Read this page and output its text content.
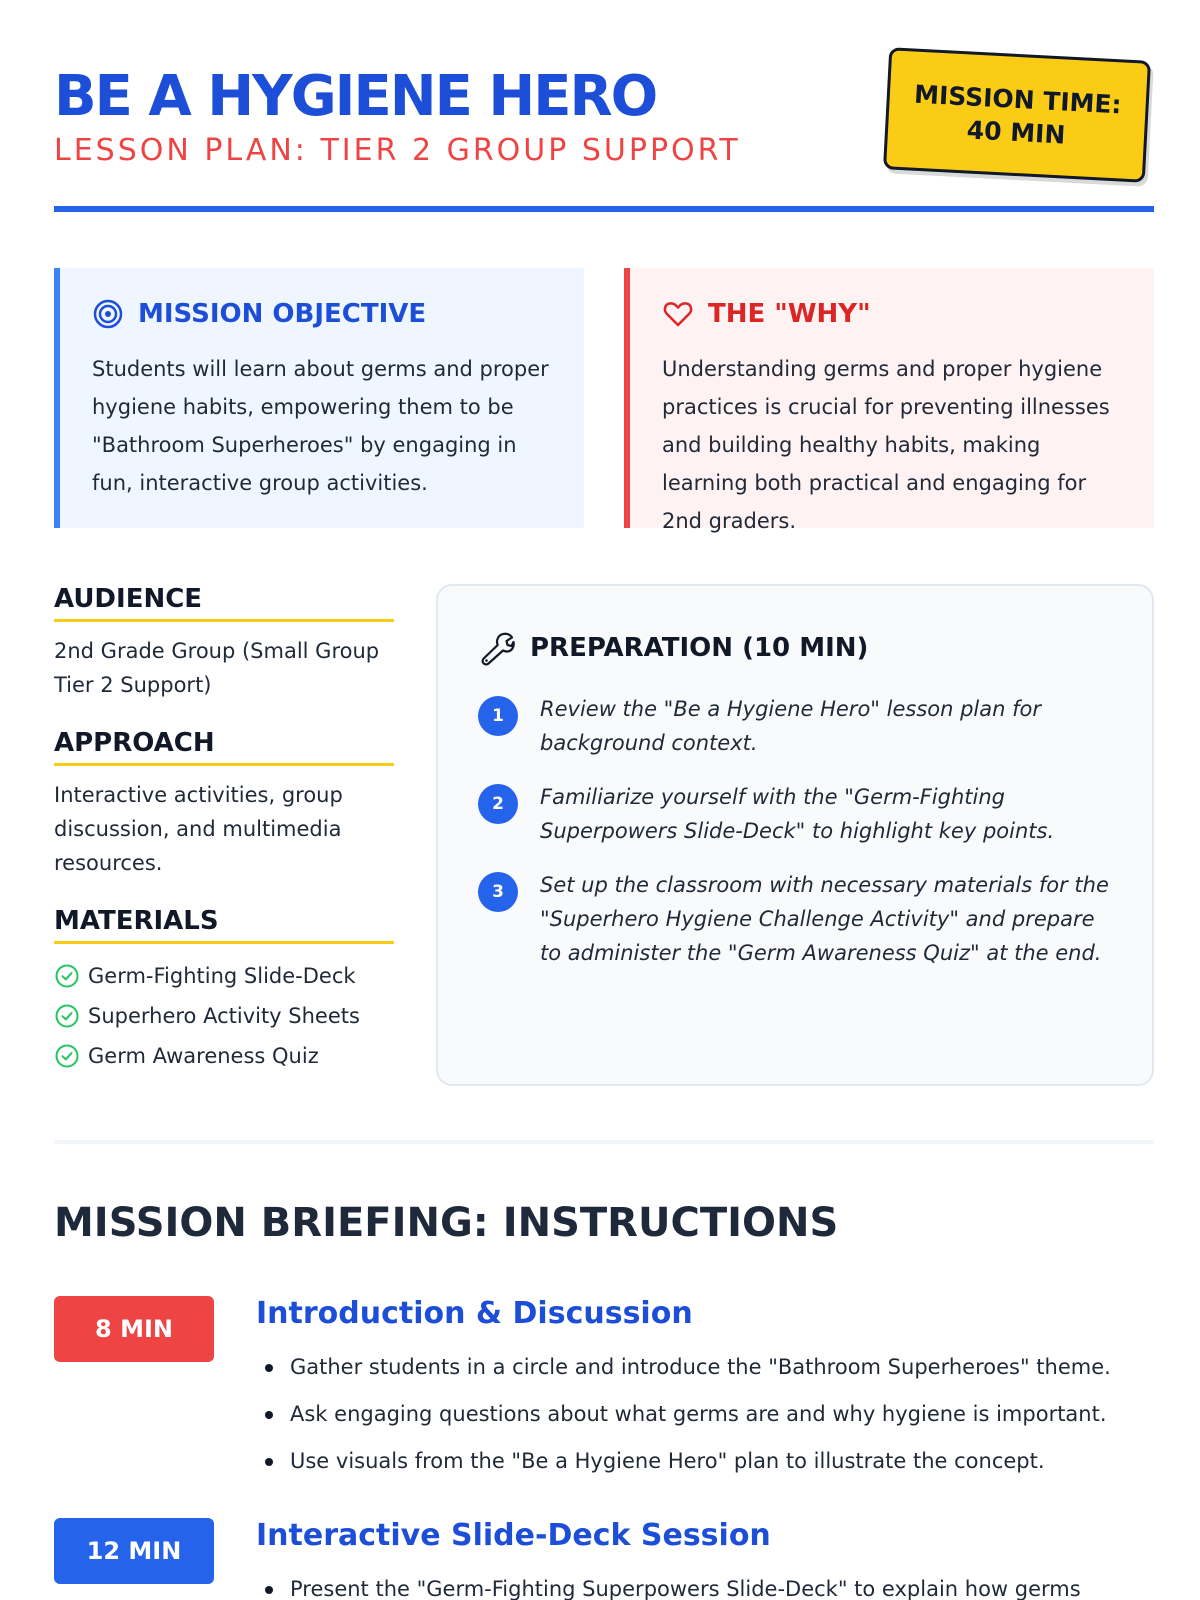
BE A HYGIENE HERO
LESSON PLAN: TIER 2 GROUP SUPPORT
MISSION TIME:
40 MIN
MISSION OBJECTIVE
Students will learn about germs and proper hygiene habits, empowering them to be "Bathroom Superheroes" by engaging in fun, interactive group activities.
THE "WHY"
Understanding germs and proper hygiene practices is crucial for preventing illnesses and building healthy habits, making learning both practical and engaging for 2nd graders.
AUDIENCE
2nd Grade Group (Small Group Tier 2 Support)
APPROACH
Interactive activities, group discussion, and multimedia resources.
MATERIALS
Germ-Fighting Slide-Deck
Superhero Activity Sheets
Germ Awareness Quiz
PREPARATION (10 MIN)
1	Review the "Be a Hygiene Hero" lesson plan for background context.
2	Familiarize yourself with the "Germ-Fighting Superpowers Slide-Deck" to highlight key points.
3	Set up the classroom with necessary materials for the "Superhero Hygiene Challenge Activity" and prepare to administer the "Germ Awareness Quiz" at the end.
MISSION BRIEFING: INSTRUCTIONS
8 MIN	Introduction & Discussion
Gather students in a circle and introduce the "Bathroom Superheroes" theme.
Ask engaging questions about what germs are and why hygiene is important.
Use visuals from the "Be a Hygiene Hero" plan to illustrate the concept.
12 MIN	Interactive Slide-Deck Session
Present the "Germ-Fighting Superpowers Slide-Deck" to explain how germs
